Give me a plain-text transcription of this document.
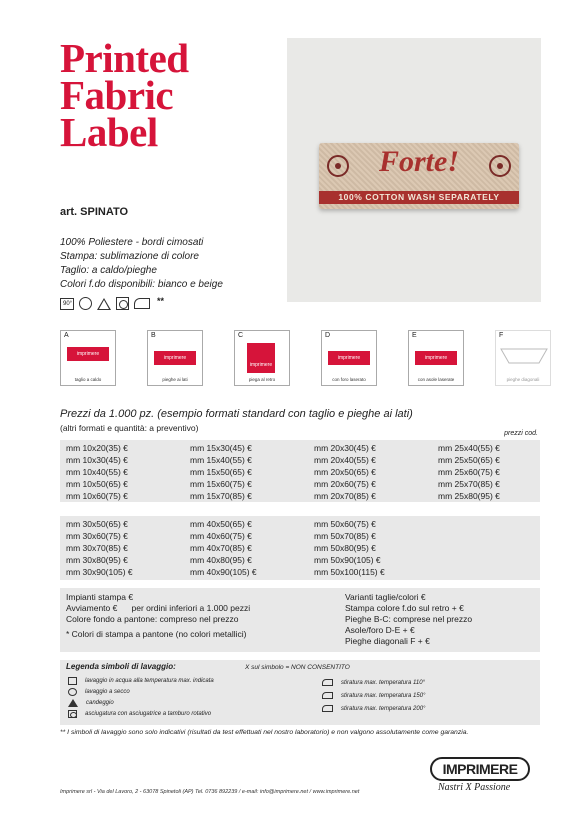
Printed
Fabric
Label
Forte!
100% COTTON WASH SEPARATELY
art. SPINATO
100% Poliestere - bordi cimosati
Stampa: sublimazione di colore
Taglio: a caldo/pieghe
Colori f.do disponibili: bianco e beige
90°	**
A
imprimere
taglio a caldo
B
imprimere
pieghe ai lati
C
imprimere
piega al retro
D
imprimere
con foro laserato
E
imprimere
con asole laserate
F
pieghe diagonali
Prezzi da 1.000 pz. (esempio formati standard con taglio e pieghe ai lati)
(altri formati e quantità: a preventivo)
prezzi cod.
mm 10x20(35) €
mm 10x30(45) €
mm 10x40(55) €
mm 10x50(65) €
mm 10x60(75) €
mm 15x30(45) €
mm 15x40(55) €
mm 15x50(65) €
mm 15x60(75) €
mm 15x70(85) €
mm 20x30(45) €
mm 20x40(55) €
mm 20x50(65) €
mm 20x60(75) €
mm 20x70(85) €
mm 25x40(55) €
mm 25x50(65) €
mm 25x60(75) €
mm 25x70(85) €
mm 25x80(95) €
mm 30x50(65) €
mm 30x60(75) €
mm 30x70(85) €
mm 30x80(95) €
mm 30x90(105) €
mm 40x50(65) €
mm 40x60(75) €
mm 40x70(85) €
mm 40x80(95) €
mm 40x90(105) €
mm 50x60(75) €
mm 50x70(85) €
mm 50x80(95) €
mm 50x90(105) €
mm 50x100(115) €
Impianti stampa €
Avviamento €      per ordini inferiori a 1.000 pezzi
Colore fondo a pantone: compreso nel prezzo
* Colori di stampa a pantone (no colori metallici)
Varianti taglie/colori €
Stampa colore f.do sul retro + €
Pieghe B-C: comprese nel prezzo
Asole/foro D-E + €
Pieghe diagonali F + €
Legenda simboli di lavaggio:	X sul simbolo = NON CONSENTITO
lavaggio in acqua alla temperatura max. indicata
lavaggio a secco
candeggio
asciugatura con asciugatrice a tamburo rotativo
stiratura max. temperatura 110°
stiratura max. temperatura 150°
stiratura max. temperatura 200°
** I simboli di lavaggio sono solo indicativi (risultati da test effettuati nel nostro laboratorio) e non valgono assolutamente come garanzia.
Imprimere srl - Via del Lavoro, 2 - 63078 Spinetoli (AP) Tel. 0736 892239 / e-mail: info@imprimere.net / www.imprimere.net
IMPRIMERE
Nastri X Passione
